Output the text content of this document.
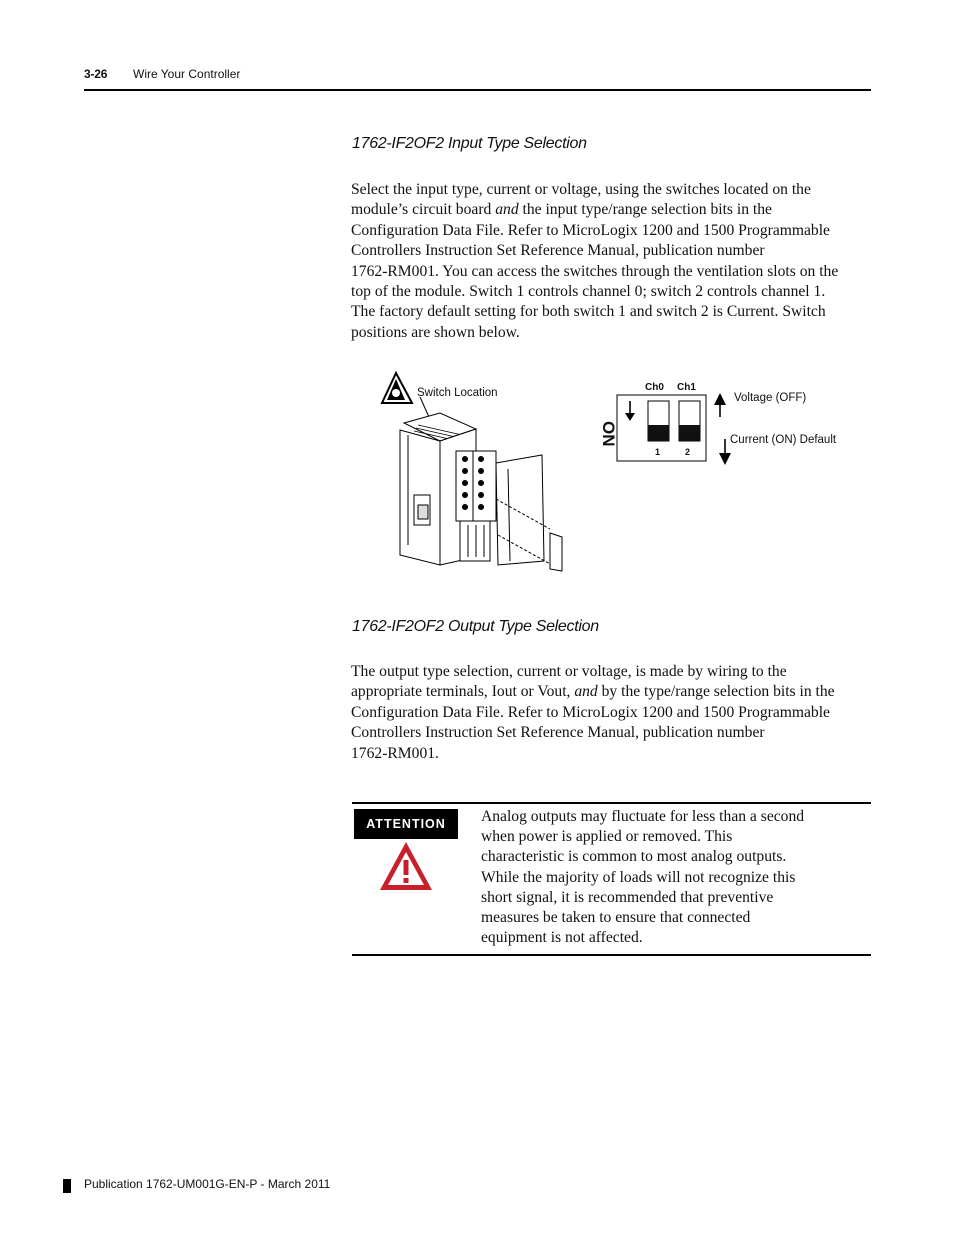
3-26 Wire Your Controller
1762-IF2OF2 Input Type Selection

Select the input type, current or voltage, using the switches located on the
module’s circuit board and the input type/range selection bits in the
Configuration Data File. Refer to MicroLogix 1200 and 1500 Programmable
Controllers Instruction Set Reference Manual, publication number
1762-RM001. You can access the switches through the ventilation slots on the
top of the module. Switch 1 controls channel 0; switch 2 controls channel 1.
The factory default setting for both switch 1 and switch 2 is Current. Switch
positions are shown below.

Switch Location	Ch0 Ch1
1	2
ON
Voltage (OFF)
Current (ON) Default
1762-IF2OF2 Output Type Selection

The output type selection, current or voltage, is made by wiring to the
appropriate terminals, Iout or Vout, and by the type/range selection bits in the
Configuration Data File. Refer to MicroLogix 1200 and 1500 Programmable
Controllers Instruction Set Reference Manual, publication number
1762-RM001.

ATTENTION	Analog outputs may fluctuate for less than a second
when power is applied or removed. This
characteristic is common to most analog outputs.
While the majority of loads will not recognize this
short signal, it is recommended that preventive
measures be taken to ensure that connected
equipment is not affected.

Publication 1762-UM001G-EN-P - March 2011
